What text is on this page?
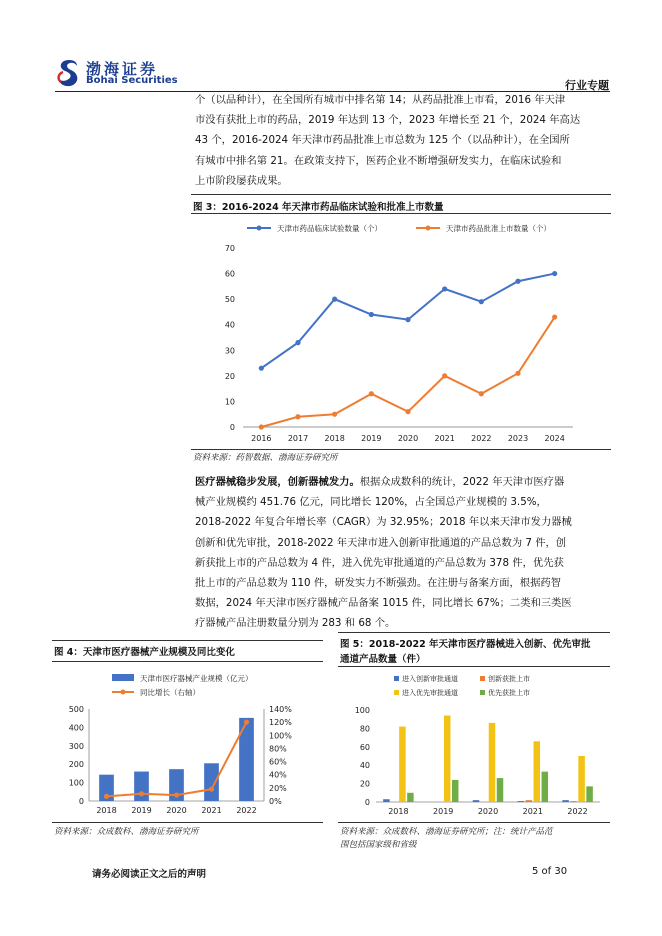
渤海证券
Bohai Securities	行业专题
个（以品种计），在全国所有城市中排名第 14；从药品批准上市看，2016 年天津
市没有获批上市的药品，2019 年达到 13 个，2023 年增长至 21 个，2024 年高达
43 个，2016-2024 年天津市药品批准上市总数为 125 个（以品种计），在全国所
有城市中排名第 21。在政策支持下，医药企业不断增强研发实力，在临床试验和
上市阶段屡获成果。
图 3：2016-2024 年天津市药品临床试验和批准上市数量
0
10
20
30
40
50
60
70
2016 2017 2018 2019 2020 2021 2022 2023 2024
天津市药品临床试验数量（个）	天津市药品批准上市数量（个）
资料来源：药智数据、渤海证券研究所
医疗器械稳步发展，创新器械发力。根据众成数科的统计，2022 年天津市医疗器
械产业规模约 451.76 亿元，同比增长 120%，占全国总产业规模的 3.5%，
2018-2022 年复合年增长率（CAGR）为 32.95%；2018 年以来天津市发力器械
创新和优先审批，2018-2022 年天津市进入创新审批通道的产品总数为 7 件，创
新获批上市的产品总数为 4 件，进入优先审批通道的产品总数为 378 件，优先获
批上市的产品总数为 110 件，研发实力不断强劲。在注册与备案方面，根据药智
数据，2024 年天津市医疗器械产品备案 1015 件，同比增长 67%；二类和三类医
疗器械产品注册数量分别为 283 和 68 个。
图 4：天津市医疗器械产业规模及同比变化
0
100
200
300
400
500
0%
20%
40%
60%
80%
100%
120%
140%
2018 2019 2020 2021 2022
天津市医疗器械产业规模（亿元）
同比增长（右轴）
资料来源：众成数科、渤海证券研究所
图 5：2018-2022 年天津市医疗器械进入创新、优先审批
通道产品数量（件）
0
20
40
60
80
100
2018	2019	2020	2021	2022
进入创新审批通道	创新获批上市
进入优先审批通道	优先获批上市
资料来源：众成数科、渤海证券研究所；注：统计产品范
围包括国家级和省级
请务必阅读正文之后的声明	5 of 30
